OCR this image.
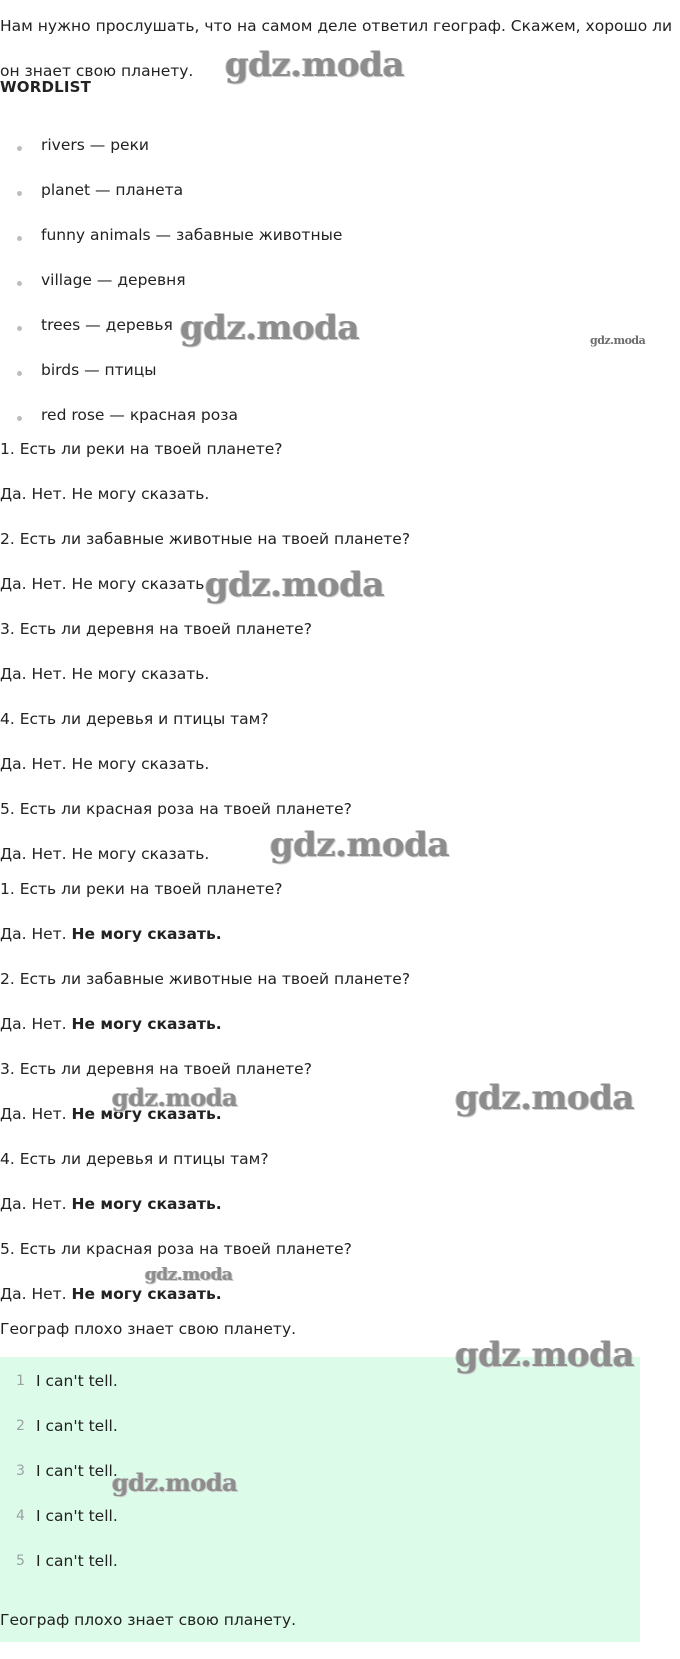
Нам нужно прослушать, что на самом деле ответил географ. Скажем, хорошо ли он знает свою планету.
WORDLIST
rivers — реки
planet — планета
funny animals — забавные животные
village — деревня
trees — деревья
birds — птицы
red rose — красная роза
1. Есть ли реки на твоей планете?
Да. Нет. Не могу сказать.
2. Есть ли забавные животные на твоей планете?
Да. Нет. Не могу сказать.
3. Есть ли деревня на твоей планете?
Да. Нет. Не могу сказать.
4. Есть ли деревья и птицы там?
Да. Нет. Не могу сказать.
5. Есть ли красная роза на твоей планете?
Да. Нет. Не могу сказать.
1. Есть ли реки на твоей планете?
Да. Нет. Не могу сказать.
2. Есть ли забавные животные на твоей планете?
Да. Нет. Не могу сказать.
3. Есть ли деревня на твоей планете?
Да. Нет. Не могу сказать.
4. Есть ли деревья и птицы там?
Да. Нет. Не могу сказать.
5. Есть ли красная роза на твоей планете?
Да. Нет. Не могу сказать.
Географ плохо знает свою планету.
1 I can't tell.
2 I can't tell.
3 I can't tell.
4 I can't tell.
5 I can't tell.
Географ плохо знает свою планету.
gdz.moda
gdz.moda	gdz.moda
gdz.moda
gdz.moda
gdz.moda	gdz.moda
gdz.moda
gdz.moda
gdz.moda
